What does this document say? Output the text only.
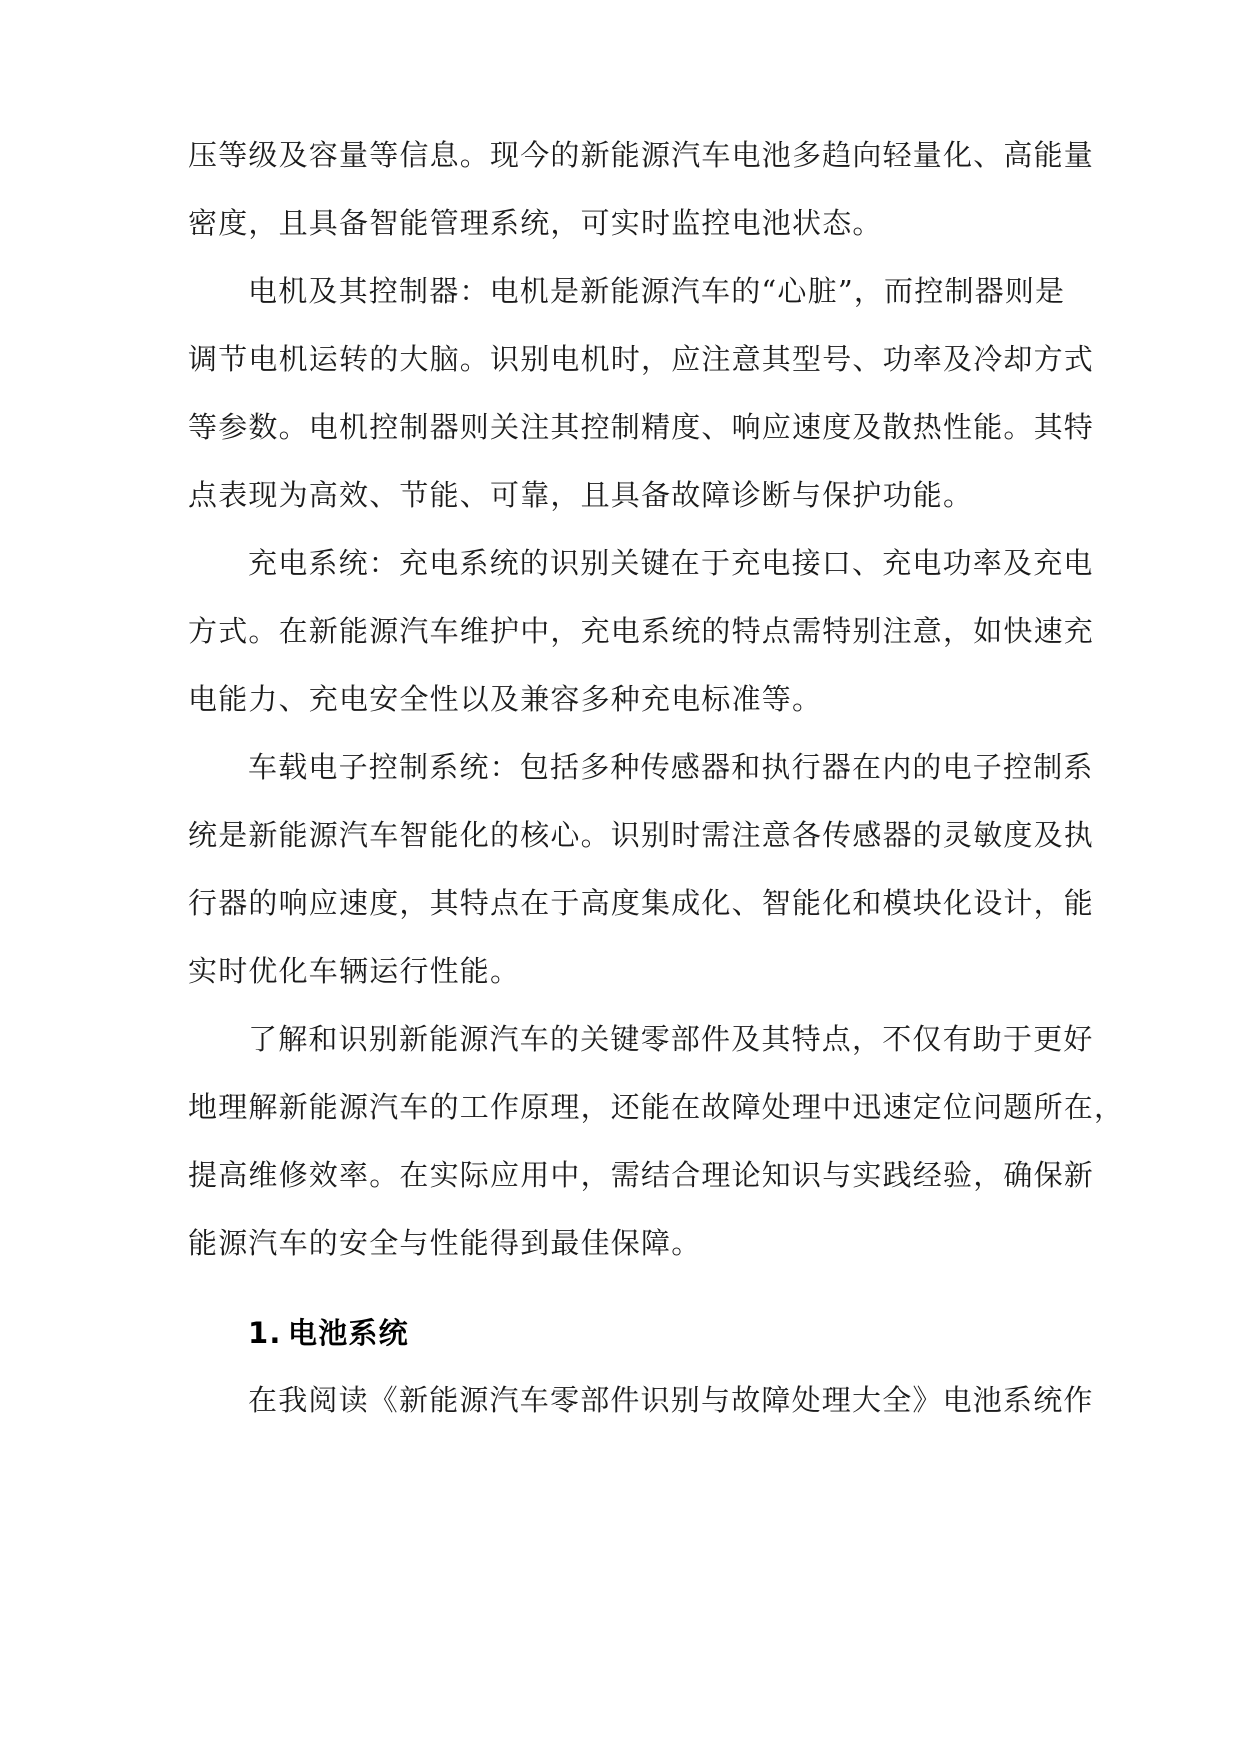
压等级及容量等信息。现今的新能源汽车电池多趋向轻量化、高能量
密度，且具备智能管理系统，可实时监控电池状态。
电机及其控制器：电机是新能源汽车的“心脏”，而控制器则是
调节电机运转的大脑。识别电机时，应注意其型号、功率及冷却方式
等参数。电机控制器则关注其控制精度、响应速度及散热性能。其特
点表现为高效、节能、可靠，且具备故障诊断与保护功能。
充电系统：充电系统的识别关键在于充电接口、充电功率及充电
方式。在新能源汽车维护中，充电系统的特点需特别注意，如快速充
电能力、充电安全性以及兼容多种充电标准等。
车载电子控制系统：包括多种传感器和执行器在内的电子控制系
统是新能源汽车智能化的核心。识别时需注意各传感器的灵敏度及执
行器的响应速度，其特点在于高度集成化、智能化和模块化设计，能
实时优化车辆运行性能。
了解和识别新能源汽车的关键零部件及其特点，不仅有助于更好
地理解新能源汽车的工作原理，还能在故障处理中迅速定位问题所在，
提高维修效率。在实际应用中，需结合理论知识与实践经验，确保新
能源汽车的安全与性能得到最佳保障。
1. 电池系统
在我阅读《新能源汽车零部件识别与故障处理大全》电池系统作
